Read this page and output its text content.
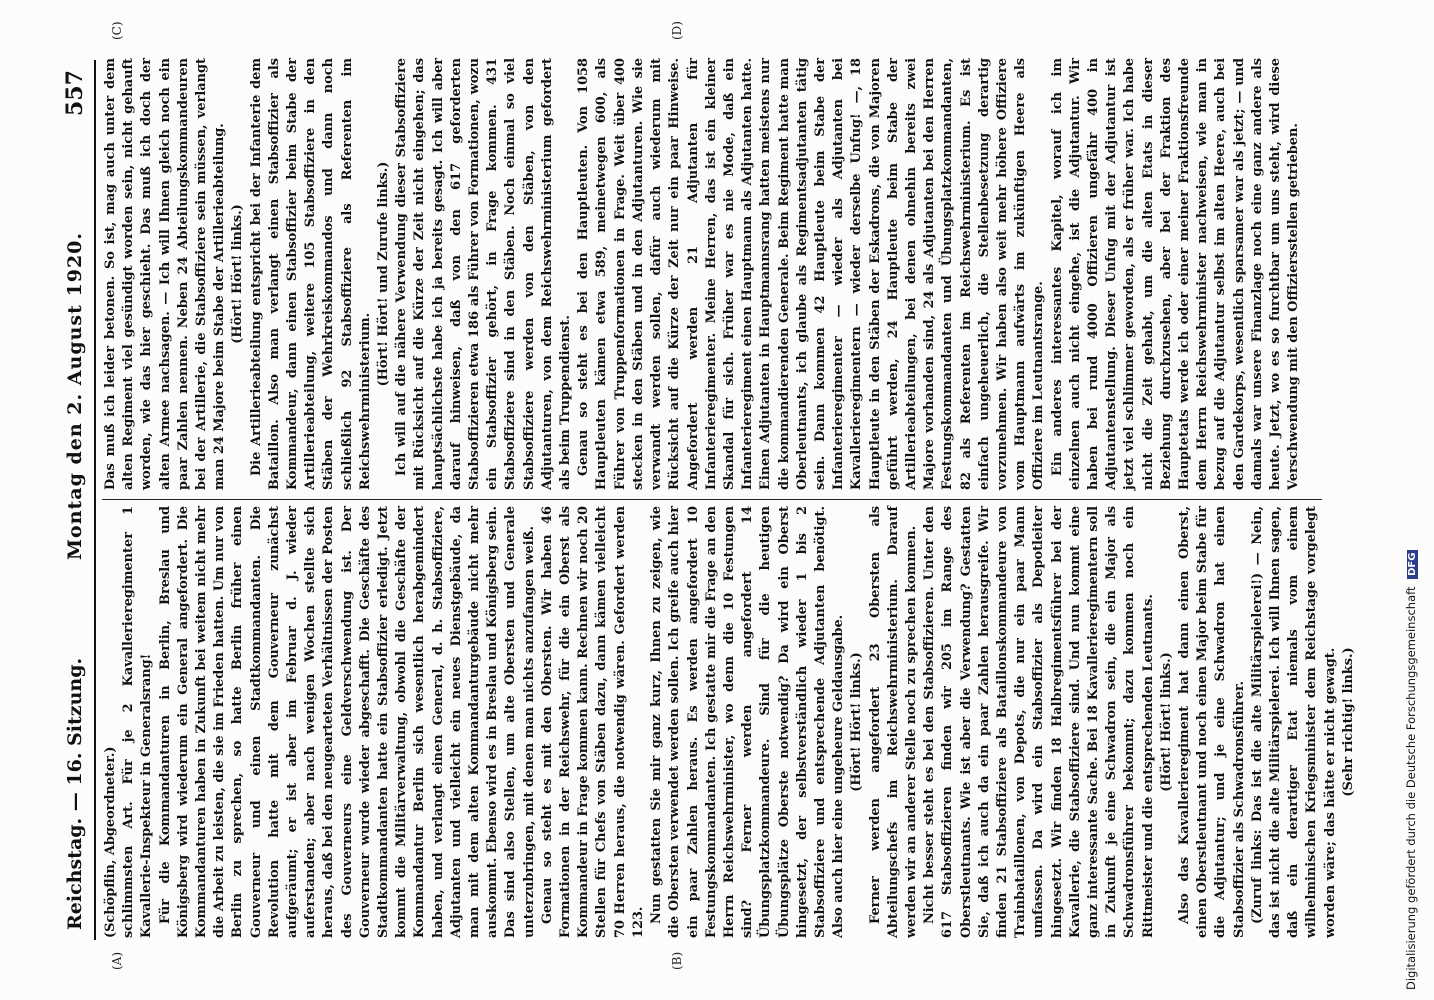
Reichstag. — 16. Sitzung.
Montag den 2. August 1920.
557
(A)	(B)
(C)	(D)

(Schöpflin, Abgeordneter.) schlimmsten Art. Für je 2 Kavallerieregimenter 1 Kavallerie-Inspekteur in Generalsrang! Für die Kommandanturen in Berlin, Breslau und Königsberg wird wiederum ein General angefordert. Die Kommandanturen haben in Zukunft bei weitem nicht mehr die Arbeit zu leisten, die sie im Frieden hatten. Um nur von Berlin zu sprechen, so hatte Berlin früher einen Gouverneur und einen Stadtkommandanten. Die Revolution hatte mit dem Gouverneur zunächst aufgeräumt; er ist aber im Februar d. J. wieder auferstanden; aber nach wenigen Wochen stellte sich heraus, daß bei den neugearteten Verhältnissen der Posten des Gouverneurs eine Geldverschwendung ist. Der Gouverneur wurde wieder abgeschafft. Die Geschäfte des Stadtkommandanten hatte ein Stabsoffizier erledigt. Jetzt kommt die Militärverwaltung, obwohl die Geschäfte der Kommandantur Berlin sich wesentlich herabgemindert haben, und verlangt einen General, d. h. Stabsoffiziere, Adjutanten und vielleicht ein neues Dienstgebäude, da man mit dem alten Kommandanturgebäude nicht mehr auskommt. Ebenso wird es in Breslau und Königsberg sein. Das sind also Stellen, um alte Obersten und Generale unterzubringen, mit denen man nichts anzufangen weiß. Genau so steht es mit den Obersten. Wir haben 46 Formationen in der Reichswehr, für die ein Oberst als Kommandeur in Frage kommen kann. Rechnen wir noch 20 Stellen für Chefs von Stäben dazu, dann kämen vielleicht 70 Herren heraus, die notwendig wären. Gefordert werden 123. Nun gestatten Sie mir ganz kurz, Ihnen zu zeigen, wie die Obersten verwendet werden sollen. Ich greife auch hier ein paar Zahlen heraus. Es werden angefordert 10 Festungskommandanten. Ich gestatte mir die Frage an den Herrn Reichswehrminister, wo denn die 10 Festungen sind? Ferner werden angefordert 14 Übungsplatzkommandeure. Sind für die heutigen Übungsplätze Oberste notwendig? Da wird ein Oberst hingesetzt, der selbstverständlich wieder 1 bis 2 Stabsoffiziere und entsprechende Adjutanten benötigt. Also auch hier eine ungeheure Geldausgabe. (Hört! Hört! links.) Ferner werden angefordert 23 Obersten als Abteilungschefs im Reichswehrministerium. Darauf werden wir an anderer Stelle noch zu sprechen kommen. Nicht besser steht es bei den Stabsoffizieren. Unter den 617 Stabsoffizieren finden wir 205 im Range des Oberstleutnants. Wie ist aber die Verwendung? Gestatten Sie, daß ich auch da ein paar Zahlen herausgreife. Wir finden 21 Stabsoffiziere als Bataillonskommandeure von Trainbataillonen, von Depots, die nur ein paar Mann umfassen. Da wird ein Stabsoffizier als Depotleiter hingesetzt. Wir finden 18 Halbregimentsführer bei der Kavallerie, die Stabsoffiziere sind. Und nun kommt eine ganz interessante Sache. Bei 18 Kavallerieregimentern soll in Zukunft je eine Schwadron sein, die ein Major als Schwadronsführer bekommt; dazu kommen noch ein Rittmeister und die entsprechenden Leutnants. (Hört! Hört! links.) Also das Kavallerieregiment hat dann einen Oberst, einen Oberstleutnant und noch einen Major beim Stabe für die Adjutantur; und je eine Schwadron hat einen Stabsoffizier als Schwadronsführer. (Zuruf links: Das ist die alte Militärspielerei!) — Nein, das ist nicht die alte Militärspielerei. Ich will Ihnen sagen, daß ein derartiger Etat niemals vom einem wilhelminischen Kriegsminister dem Reichstage vorgelegt worden wäre; das hätte er nicht gewagt. (Sehr richtig! links.)

Das muß ich leider betonen. So ist, mag auch unter dem alten Regiment viel gesündigt worden sein, nicht gehauft worden, wie das hier geschieht. Das muß ich doch der alten Armee nachsagen. — Ich will Ihnen gleich noch ein paar Zahlen nennen. Neben 24 Abteilungskommandeuren bei der Artillerie, die Stabsoffiziere sein müssen, verlangt man 24 Majore beim Stabe der Artillerieabteilung. (Hört! Hört! links.) Die Artillerieabteilung entspricht bei der Infanterie dem Bataillon. Also man verlangt einen Stabsoffizier als Kommandeur, dann einen Stabsoffizier beim Stabe der Artillerieabteilung, weitere 105 Stabsoffiziere in den Stäben der Wehrkreiskommandos und dann noch schließlich 92 Stabsoffiziere als Referenten im Reichswehrministerium.

(Hört! Hört! und Zurufe links.) Ich will auf die nähere Verwendung dieser Stabsoffiziere mit Rücksicht auf die Kürze der Zeit nicht eingehen; das hauptsächlichste habe ich ja bereits gesagt. Ich will aber darauf hinweisen, daß von den 617 geforderten Stabsoffizieren etwa 186 als Führer von Formationen, wozu ein Stabsoffizier gehört, in Frage kommen. 431 Stabsoffiziere sind in den Stäben. Noch einmal so viel Stabsoffiziere werden von den Stäben, von den Adjutanturen, von dem Reichswehrministerium gefordert als beim Truppendienst. Genau so steht es bei den Hauptleuten. Von 1058 Hauptleuten kämen etwa 589, meinetwegen 600, als Führer von Truppenformationen in Frage. Weit über 400 stecken in den Stäben und in den Adjutanturen. Wie sie verwandt werden sollen, dafür auch wiederum mit Rücksicht auf die Kürze der Zeit nur ein paar Hinweise. Angefordert werden 21 Adjutanten für Infanterieregimenter. Meine Herren, das ist ein kleiner Skandal für sich. Früher war es nie Mode, daß ein Infanterieregiment einen Hauptmann als Adjutanten hatte. Einen Adjutanten in Hauptmannsrang hatten meistens nur die kommandierenden Generale. Beim Regiment hatte man Oberleutnants, ich glaube als Regimentsadjutanten tätig sein. Dann kommen 42 Hauptleute beim Stabe der Infanterieregimenter — wieder als Adjutanten bei Kavallerieregimentern — wieder derselbe Unfug! —, 18 Hauptleute in den Stäben der Eskadrons, die von Majoren geführt werden, 24 Hauptleute beim Stabe der Artillerieabteilungen, bei denen ohnehin bereits zwei Majore vorhanden sind, 24 als Adjutanten bei den Herren Festungskommandanten und Übungsplatzkommandanten, 82 als Referenten im Reichswehrministerium. Es ist einfach ungeheuerlich, die Stellenbesetzung derartig vorzunehmen. Wir haben also weit mehr höhere Offiziere vom Hauptmann aufwärts im zukünftigen Heere als Offiziere im Leutnantsrange. Ein anderes interessantes Kapitel, worauf ich im einzelnen auch nicht eingehe, ist die Adjutantur. Wir haben bei rund 4000 Offizieren ungefähr 400 in Adjutantenstellung. Dieser Unfug mit der Adjutantur ist jetzt viel schlimmer geworden, als er früher war. Ich habe nicht die Zeit gehabt, um die alten Etats in dieser Beziehung durchzusehen, aber bei der Fraktion des Hauptetats werde ich oder einer meiner Fraktionsfreunde dem Herrn Reichswehrminister nachweisen, wie man in bezug auf die Adjutantur selbst im alten Heere, auch bei den Gardekorps, wesentlich sparsamer war als jetzt; — und damals war unsere Finanzlage noch eine ganz andere als heute. Jetzt, wo es so furchtbar um uns steht, wird diese Verschwendung mit den Offiziersstellen getrieben.

Digitalisierung gefördert durch die Deutsche Forschungsgemeinschaft DFG
